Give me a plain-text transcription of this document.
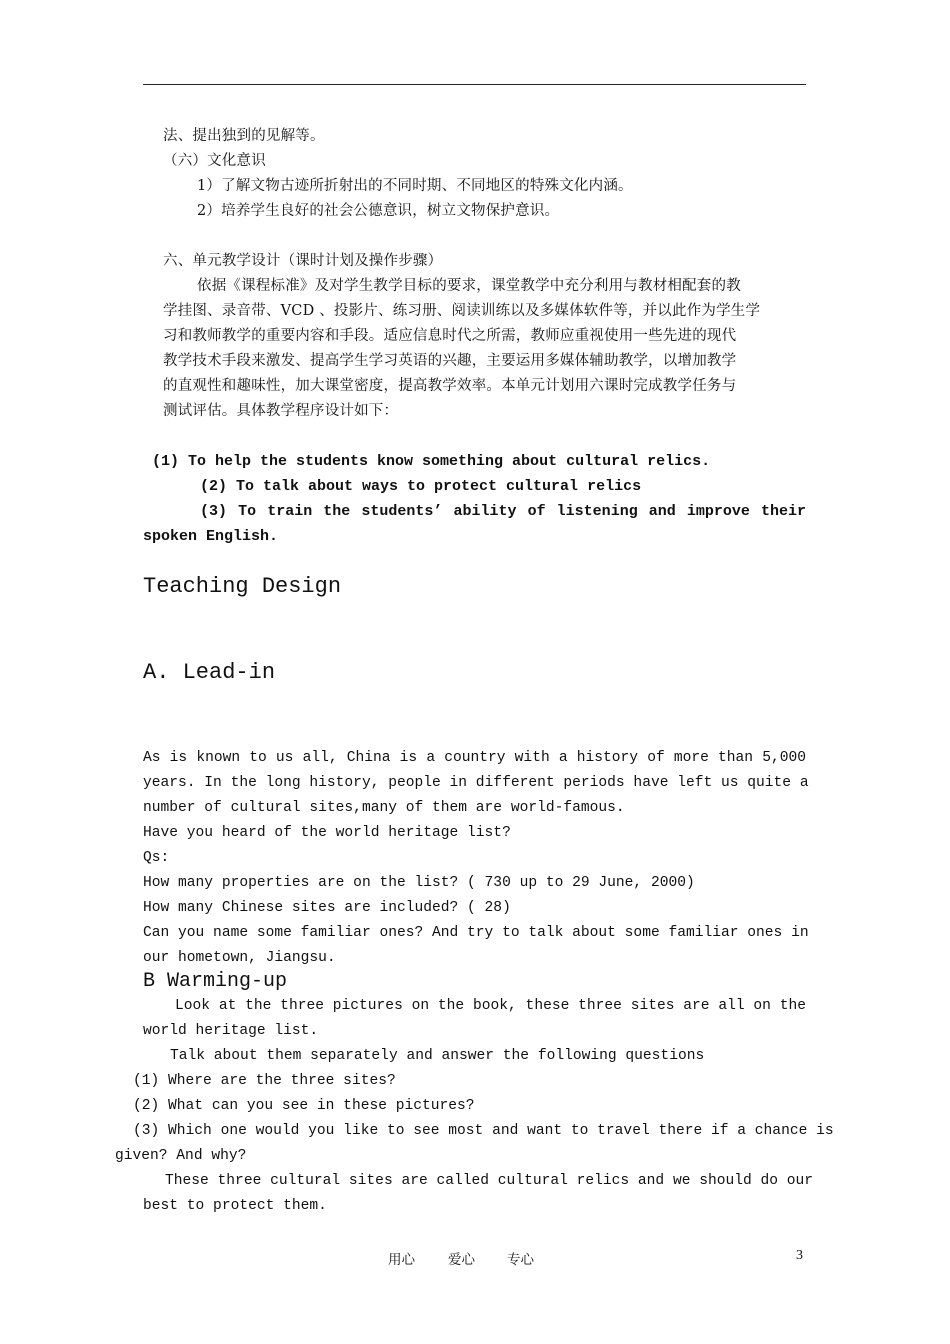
法、提出独到的见解等。
（六）文化意识
1）了解文物古迹所折射出的不同时期、不同地区的特殊文化内涵。
2）培养学生良好的社会公德意识，树立文物保护意识。
六、单元教学设计（课时计划及操作步骤）
依据《课程标准》及对学生教学目标的要求，课堂教学中充分利用与教材相配套的教
学挂图、录音带、VCD 、投影片、练习册、阅读训练以及多媒体软件等，并以此作为学生学
习和教师教学的重要内容和手段。适应信息时代之所需，教师应重视使用一些先进的现代
教学技术手段来激发、提高学生学习英语的兴趣，主要运用多媒体辅助教学，以增加教学
的直观性和趣味性，加大课堂密度，提高教学效率。本单元计划用六课时完成教学任务与
测试评估。具体教学程序设计如下：
(1) To help the students know something about cultural relics.
(2) To talk about ways to protect cultural relics
(3) To train the students’ ability of listening and improve their
spoken English.
Teaching Design
A. Lead-in
As is known to us all, China is a country with a history of more than 5,000
years. In the long history, people in different periods have left us quite a
number of cultural sites,many of them are world-famous.
Have you heard of the world heritage list?
Qs:
How many properties are on the list? ( 730 up to 29 June, 2000)
How many Chinese sites are included? ( 28)
Can you name some familiar ones? And try to talk about some familiar ones in
our hometown, Jiangsu.
B Warming-up
Look at the three pictures on the book, these three sites are all on the
world heritage list.
Talk about them separately and answer the following questions
(1) Where are the three sites?
(2) What can you see in these pictures?
(3) Which one would you like to see most and want to travel there if a chance is
given? And why?
These three cultural sites are called cultural relics and we should do our
best to protect them.
用心 爱心 专心	3
